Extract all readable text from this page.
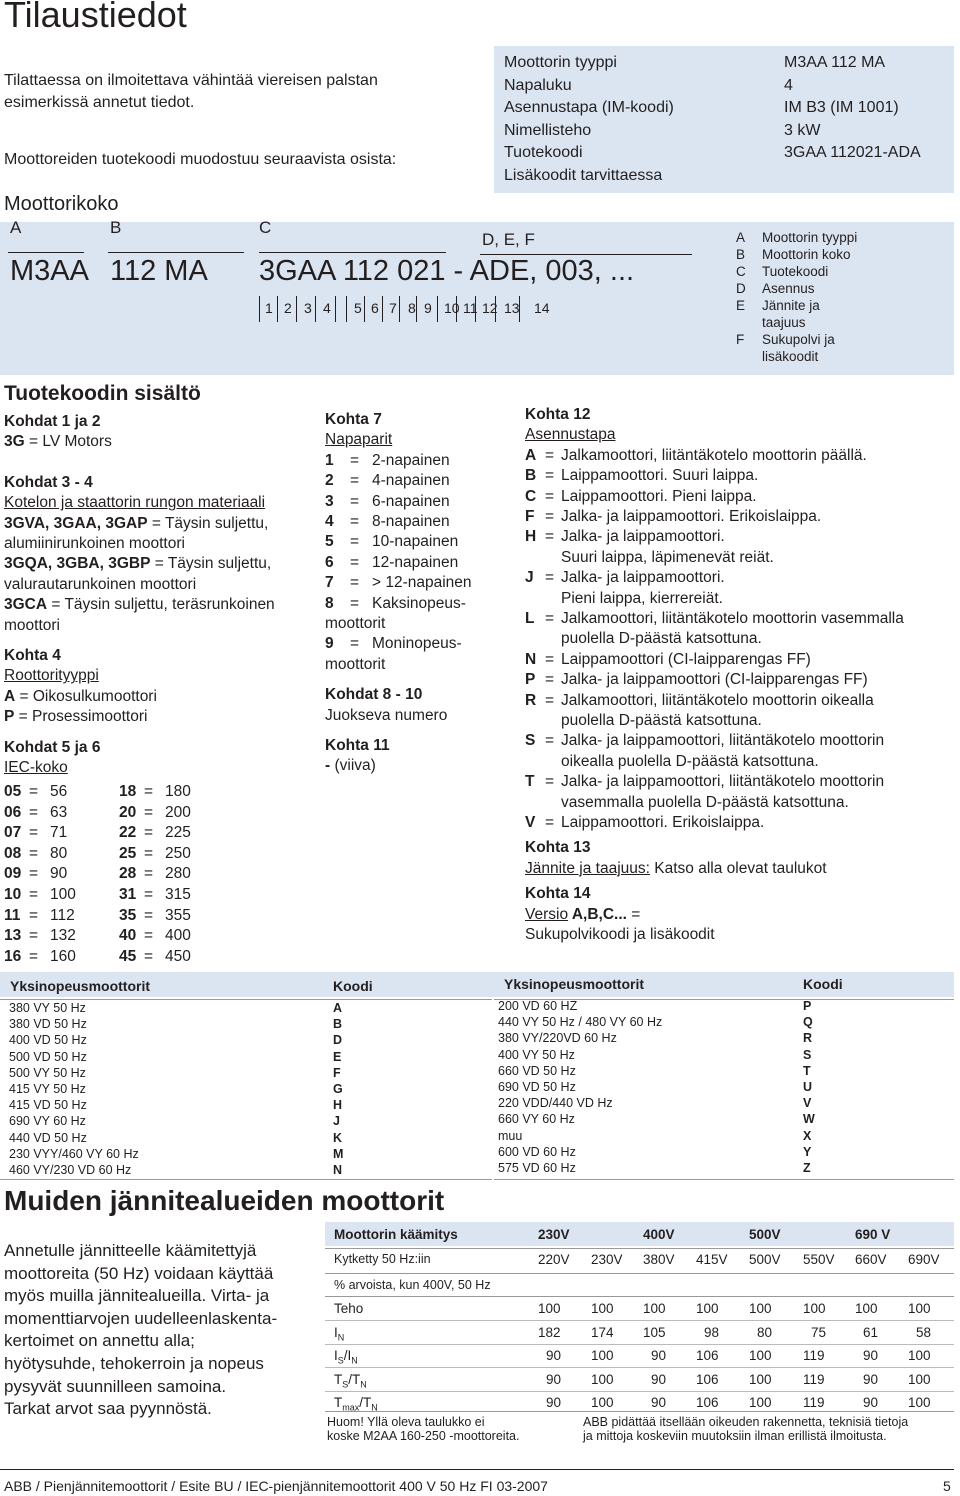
Tilaustiedot
Tilattaessa on ilmoitettava vähintää viereisen palstan
esimerkissä annetut tiedot.
Moottoreiden tuotekoodi muodostuu seuraavista osista:
Moottorikoko
Moottorin tyyppi	M3AA 112 MA
Napaluku	4
Asennustapa (IM-koodi)	IM B3 (IM 1001)
Nimellisteho	3 kW
Tuotekoodi	3GAA 112021-ADA
Lisäkoodit tarvittaessa
A	B	C
D, E, F
M3AA 112 MA 3GAA 112 021 - ADE, 003, ...
1 2 3 4 5 6 7 8 9 10 11 12 13 14
A Moottorin tyyppi
B Moottorin koko
C Tuotekoodi
D Asennus
E Jännite ja taajuus
F Sukupolvi ja lisäkoodit
Tuotekoodin sisältö
Kohdat 1 ja 2
3G = LV Motors
Kohdat 3 - 4
Kotelon ja staattorin rungon materiaali
3GVA, 3GAA, 3GAP = Täysin suljettu,
alumiinirunkoinen moottori
3GQA, 3GBA, 3GBP = Täysin suljettu,
valurautarunkoinen moottori
3GCA = Täysin suljettu, teräsrunkoinen
moottori
Kohta 4
Roottorityyppi
A = Oikosulkumoottori
P = Prosessimoottori
Kohdat 5 ja 6
IEC-koko
05 = 56
06 = 63
07 = 71
08 = 80
09 = 90
10 = 100
11 = 112
13 = 132
16 = 160
18 = 180
20 = 200
22 = 225
25 = 250
28 = 280
31 = 315
35 = 355
40 = 400
45 = 450
Kohta 7
Napaparit
1 = 2-napainen
2 = 4-napainen
3 = 6-napainen
4 = 8-napainen
5 = 10-napainen
6 = 12-napainen
7 = > 12-napainen
8 = Kaksinopeus-
moottorit
9 = Moninopeus-
moottorit
Kohdat 8 - 10
Juokseva numero
Kohta 11
- (viiva)
Kohta 12
Asennustapa
A = Jalkamoottori, liitäntäkotelo moottorin päällä.
B = Laippamoottori. Suuri laippa.
C = Laippamoottori. Pieni laippa.
F = Jalka- ja laippamoottori. Erikoislaippa.
H = Jalka- ja laippamoottori.
Suuri laippa, läpimenevät reiät.
J = Jalka- ja laippamoottori.
Pieni laippa, kierrereiät.
L = Jalkamoottori, liitäntäkotelo moottorin vasemmalla
puolella D-päästä katsottuna.
N = Laippamoottori (CI-laipparengas FF)
P = Jalka- ja laippamoottori (CI-laipparengas FF)
R = Jalkamoottori, liitäntäkotelo moottorin oikealla
puolella D-päästä katsottuna.
S = Jalka- ja laippamoottori, liitäntäkotelo moottorin
oikealla puolella D-päästä katsottuna.
T = Jalka- ja laippamoottori, liitäntäkotelo moottorin
vasemmalla puolella D-päästä katsottuna.
V = Laippamoottori. Erikoislaippa.
Kohta 13
Jännite ja taajuus: Katso alla olevat taulukot
Kohta 14
Versio A,B,C... =
Sukupolvikoodi ja lisäkoodit
Yksinopeusmoottorit	Koodi	Yksinopeusmoottorit	Koodi
380 VY 50 Hz	A
380 VD 50 Hz	B
400 VD 50 Hz	D
500 VD 50 Hz	E
500 VY 50 Hz	F
415 VY 50 Hz	G
415 VD 50 Hz	H
690 VY 60 Hz	J
440 VD 50 Hz	K
230 VYY/460 VY 60 Hz	M
460 VY/230 VD 60 Hz	N
200 VD 60 HZ	P
440 VY 50 Hz / 480 VY 60 Hz	Q
380 VY/220VD 60 Hz	R
400 VY 50 Hz	S
660 VD 50 Hz	T
690 VD 50 Hz	U
220 VDD/440 VD Hz	V
660 VY 60 Hz	W
muu	X
600 VD 60 Hz	Y
575 VD 60 Hz	Z
Muiden jännitealueiden moottorit
Annetulle jännitteelle käämitettyjä
moottoreita (50 Hz) voidaan käyttää
myös muilla jännitealueilla. Virta- ja
momenttiarvojen uudelleenlaskenta-
kertoimet on annettu alla;
hyötysuhde, tehokerroin ja nopeus
pysyvät suunnilleen samoina.
Tarkat arvot saa pyynnöstä.
Moottorin käämitys	230V	400V	500V	690 V
Kytketty 50 Hz:iin	220V 230V 380V 415V 500V 550V 660V 690V
% arvoista, kun 400V, 50 Hz
Teho	100 100 100 100 100 100 100 100
$I_N$	182 174 105	98	80	75	61	58
$I_S/I_N$	90 100	90 106 100 119	90 100
$T_S/T_N$	90 100	90 106 100 119	90 100
$T_{max}/T_N$	90 100	90 106 100 119	90 100
Huom! Yllä oleva taulukko ei
koske M2AA 160-250 -moottoreita.
ABB pidättää itsellään oikeuden rakennetta, teknisiä tietoja
ja mittoja koskeviin muutoksiin ilman erillistä ilmoitusta.
ABB / Pienjännitemoottorit / Esite BU / IEC-pienjännitemoottorit 400 V 50 Hz FI 03-2007	5
